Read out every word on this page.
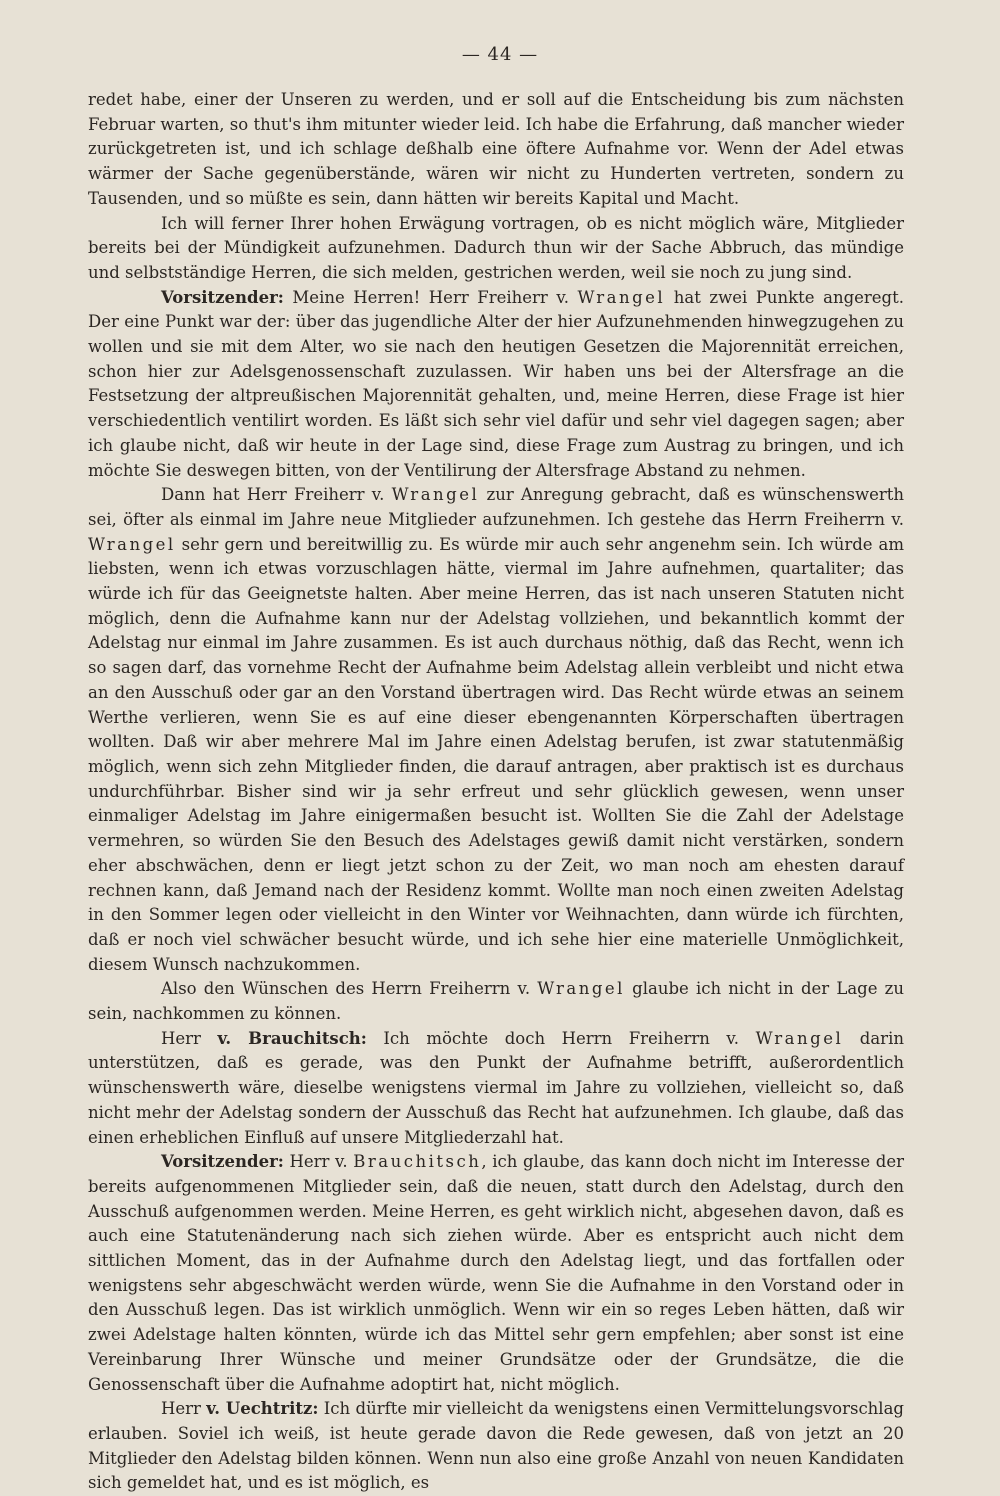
— 44 —

redet habe, einer der Unseren zu werden, und er soll auf die Entscheidung bis zum nächsten Februar warten, so thut's ihm mitunter wieder leid. Ich habe die Erfahrung, daß mancher wieder zurückgetreten ist, und ich schlage deßhalb eine öftere Aufnahme vor. Wenn der Adel etwas wärmer der Sache gegenüberstände, wären wir nicht zu Hunderten vertreten, sondern zu Tausenden, und so müßte es sein, dann hätten wir bereits Kapital und Macht.

Ich will ferner Ihrer hohen Erwägung vortragen, ob es nicht möglich wäre, Mitglieder bereits bei der Mündigkeit aufzunehmen. Dadurch thun wir der Sache Abbruch, das mündige und selbstständige Herren, die sich melden, gestrichen werden, weil sie noch zu jung sind.

Vorsitzender: Meine Herren! Herr Freiherr v. Wrangel hat zwei Punkte angeregt. Der eine Punkt war der: über das jugendliche Alter der hier Aufzunehmenden hinwegzugehen zu wollen und sie mit dem Alter, wo sie nach den heutigen Gesetzen die Majorennität erreichen, schon hier zur Adelsgenossenschaft zuzulassen. Wir haben uns bei der Altersfrage an die Festsetzung der altpreußischen Majorennität gehalten, und, meine Herren, diese Frage ist hier verschiedentlich ventilirt worden. Es läßt sich sehr viel dafür und sehr viel dagegen sagen; aber ich glaube nicht, daß wir heute in der Lage sind, diese Frage zum Austrag zu bringen, und ich möchte Sie deswegen bitten, von der Ventilirung der Altersfrage Abstand zu nehmen.

Dann hat Herr Freiherr v. Wrangel zur Anregung gebracht, daß es wünschenswerth sei, öfter als einmal im Jahre neue Mitglieder aufzunehmen. Ich gestehe das Herrn Freiherrn v. Wrangel sehr gern und bereitwillig zu. Es würde mir auch sehr angenehm sein. Ich würde am liebsten, wenn ich etwas vorzuschlagen hätte, viermal im Jahre aufnehmen, quartaliter; das würde ich für das Geeignetste halten. Aber meine Herren, das ist nach unseren Statuten nicht möglich, denn die Aufnahme kann nur der Adelstag vollziehen, und bekanntlich kommt der Adelstag nur einmal im Jahre zusammen. Es ist auch durchaus nöthig, daß das Recht, wenn ich so sagen darf, das vornehme Recht der Aufnahme beim Adelstag allein verbleibt und nicht etwa an den Ausschuß oder gar an den Vorstand übertragen wird. Das Recht würde etwas an seinem Werthe verlieren, wenn Sie es auf eine dieser ebengenannten Körperschaften übertragen wollten. Daß wir aber mehrere Mal im Jahre einen Adelstag berufen, ist zwar statutenmäßig möglich, wenn sich zehn Mitglieder finden, die darauf antragen, aber praktisch ist es durchaus undurchführbar. Bisher sind wir ja sehr erfreut und sehr glücklich gewesen, wenn unser einmaliger Adelstag im Jahre einigermaßen besucht ist. Wollten Sie die Zahl der Adelstage vermehren, so würden Sie den Besuch des Adelstages gewiß damit nicht verstärken, sondern eher abschwächen, denn er liegt jetzt schon zu der Zeit, wo man noch am ehesten darauf rechnen kann, daß Jemand nach der Residenz kommt. Wollte man noch einen zweiten Adelstag in den Sommer legen oder vielleicht in den Winter vor Weihnachten, dann würde ich fürchten, daß er noch viel schwächer besucht würde, und ich sehe hier eine materielle Unmöglichkeit, diesem Wunsch nachzukommen.

Also den Wünschen des Herrn Freiherrn v. Wrangel glaube ich nicht in der Lage zu sein, nachkommen zu können.

Herr v. Brauchitsch: Ich möchte doch Herrn Freiherrn v. Wrangel darin unterstützen, daß es gerade, was den Punkt der Aufnahme betrifft, außerordentlich wünschenswerth wäre, dieselbe wenigstens viermal im Jahre zu vollziehen, vielleicht so, daß nicht mehr der Adelstag sondern der Ausschuß das Recht hat aufzunehmen. Ich glaube, daß das einen erheblichen Einfluß auf unsere Mitgliederzahl hat.

Vorsitzender: Herr v. Brauchitsch, ich glaube, das kann doch nicht im Interesse der bereits aufgenommenen Mitglieder sein, daß die neuen, statt durch den Adelstag, durch den Ausschuß aufgenommen werden. Meine Herren, es geht wirklich nicht, abgesehen davon, daß es auch eine Statutenänderung nach sich ziehen würde. Aber es entspricht auch nicht dem sittlichen Moment, das in der Aufnahme durch den Adelstag liegt, und das fortfallen oder wenigstens sehr abgeschwächt werden würde, wenn Sie die Aufnahme in den Vorstand oder in den Ausschuß legen. Das ist wirklich unmöglich. Wenn wir ein so reges Leben hätten, daß wir zwei Adelstage halten könnten, würde ich das Mittel sehr gern empfehlen; aber sonst ist eine Vereinbarung Ihrer Wünsche und meiner Grundsätze oder der Grundsätze, die die Genossenschaft über die Aufnahme adoptirt hat, nicht möglich.

Herr v. Uechtritz: Ich dürfte mir vielleicht da wenigstens einen Vermittelungsvorschlag erlauben. Soviel ich weiß, ist heute gerade davon die Rede gewesen, daß von jetzt an 20 Mitglieder den Adelstag bilden können. Wenn nun also eine große Anzahl von neuen Kandidaten sich gemeldet hat, und es ist möglich, es
